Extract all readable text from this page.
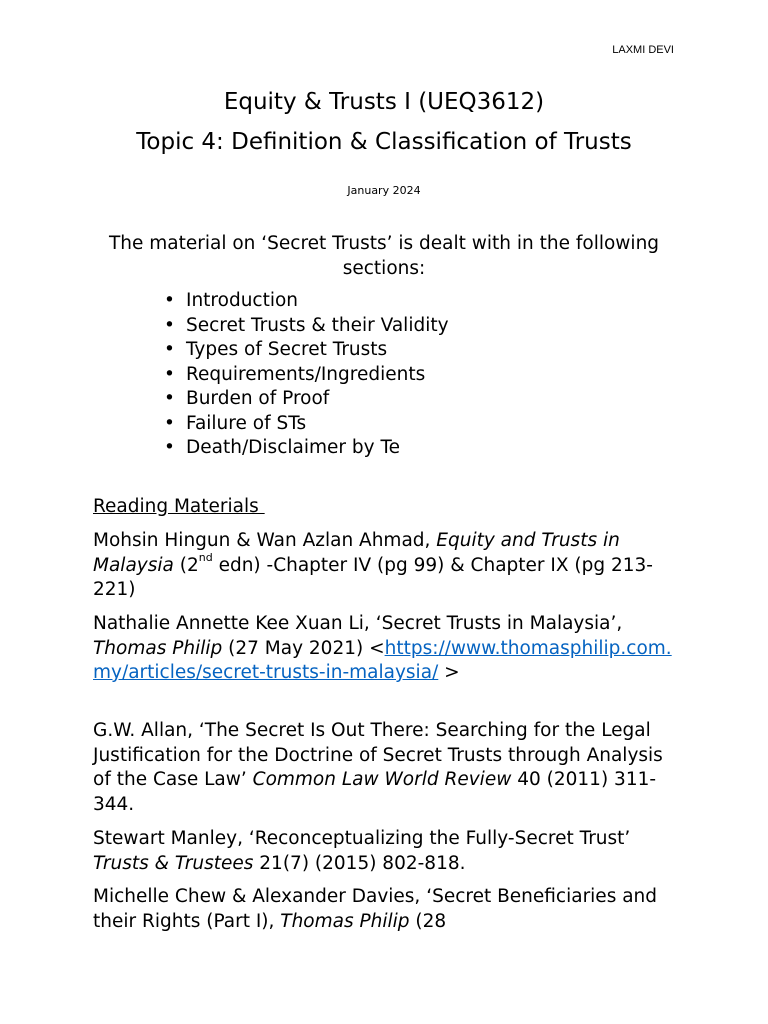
LAXMI DEVI
Equity & Trusts I (UEQ3612)
Topic 4: Definition & Classification of Trusts
January 2024
The material on ‘Secret Trusts’ is dealt with in the following sections:
• Introduction
• Secret Trusts & their Validity
• Types of Secret Trusts
• Requirements/Ingredients
• Burden of Proof
• Failure of STs
• Death/Disclaimer by Te
Reading Materials
Mohsin Hingun & Wan Azlan Ahmad, Equity and Trusts in Malaysia (2nd edn) -Chapter IV (pg 99) & Chapter IX (pg 213-221)
Nathalie Annette Kee Xuan Li, ‘Secret Trusts in Malaysia’, Thomas Philip (27 May 2021) <https://www.thomasphilip.com.my/articles/secret-trusts-in-malaysia/ >
G.W. Allan, ‘The Secret Is Out There: Searching for the Legal Justification for the Doctrine of Secret Trusts through Analysis of the Case Law’ Common Law World Review 40 (2011) 311-344.
Stewart Manley, ‘Reconceptualizing the Fully-Secret Trust’ Trusts & Trustees 21(7) (2015) 802-818.
Michelle Chew & Alexander Davies, ‘Secret Beneficiaries and their Rights (Part I), Thomas Philip (28
